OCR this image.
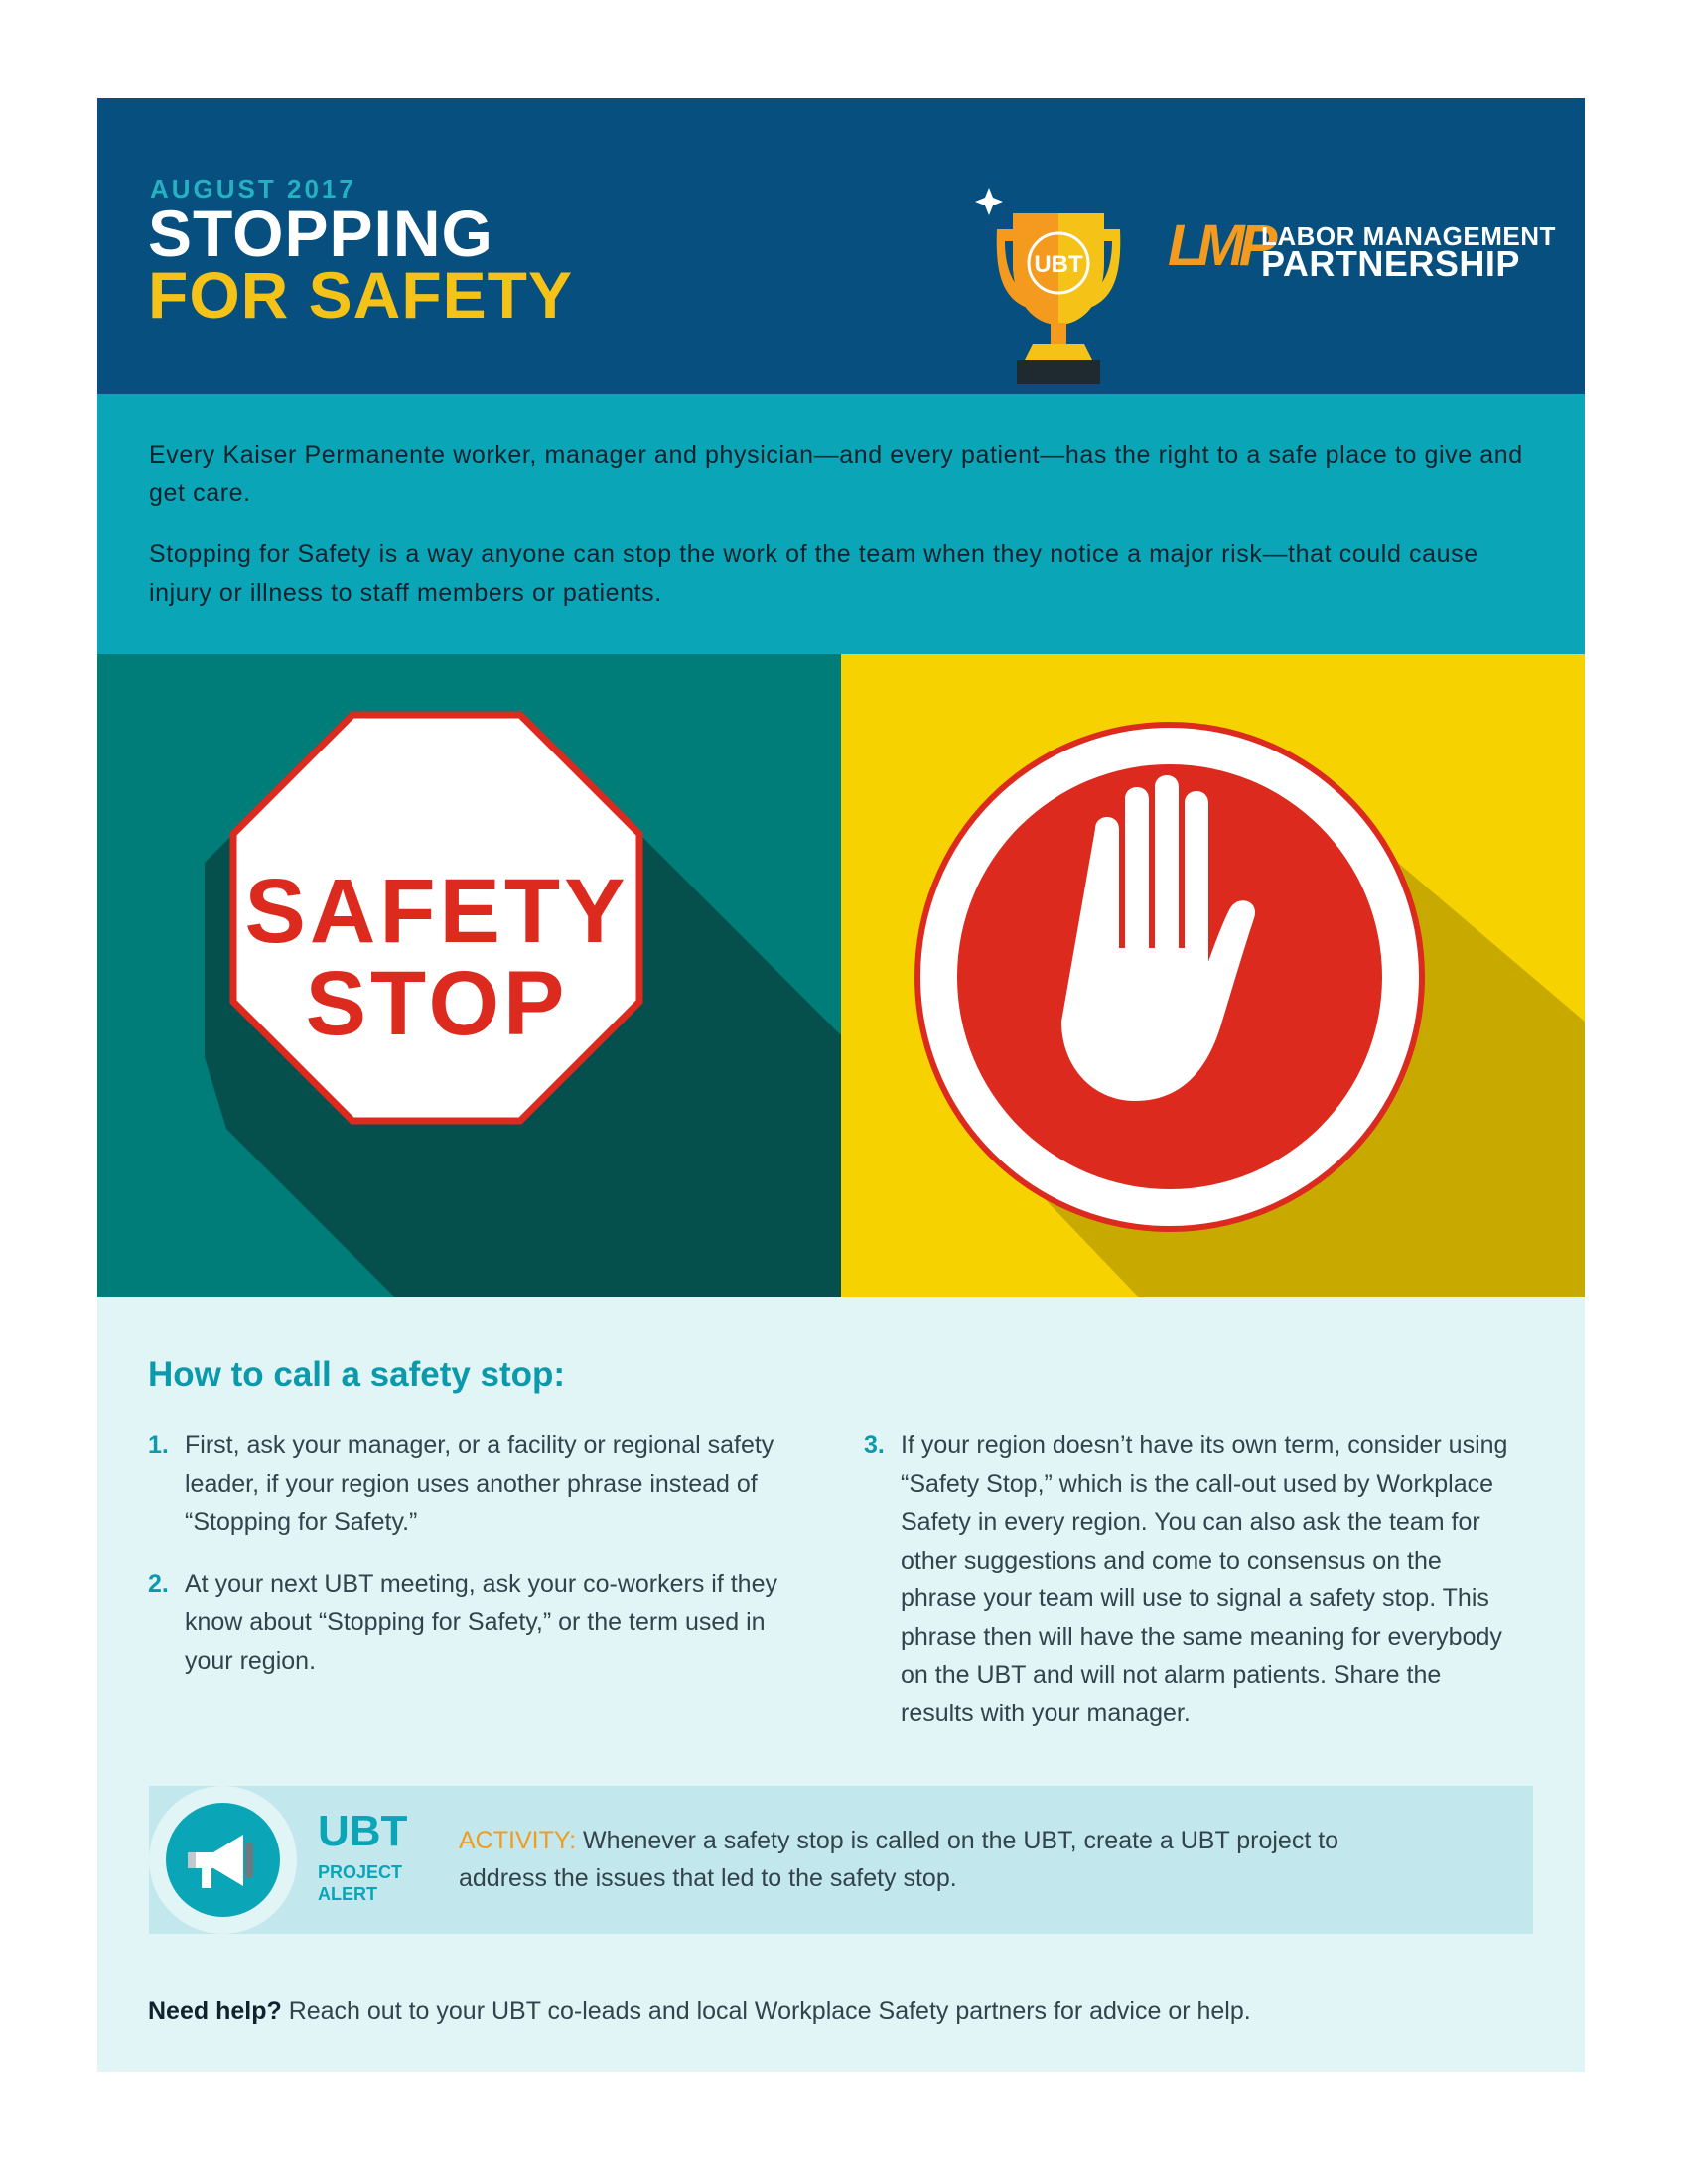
AUGUST 2017
STOPPING
FOR SAFETY	UBT LMP
LABOR MANAGEMENT
PARTNERSHIP

Every Kaiser Permanente worker, manager and physician—and every patient—has the right to a safe place to give and get care.

Stopping for Safety is a way anyone can stop the work of the team when they notice a major risk—that could cause injury or illness to staff members or patients.

SAFETY
STOP
How to call a safety stop:
1. First, ask your manager, or a facility or regional safety leader, if your region uses another phrase instead of “Stopping for Safety.”
2. At your next UBT meeting, ask your co-workers if they know about “Stopping for Safety,” or the term used in your region.
3. If your region doesn’t have its own term, consider using “Safety Stop,” which is the call-out used by Workplace Safety in every region. You can also ask the team for other suggestions and come to consensus on the phrase your team will use to signal a safety stop. This phrase then will have the same meaning for everybody on the UBT and will not alarm patients. Share the results with your manager.
UBT
PROJECT
ALERT
ACTIVITY: Whenever a safety stop is called on the UBT, create a UBT project to address the issues that led to the safety stop.
Need help? Reach out to your UBT co-leads and local Workplace Safety partners for advice or help.
